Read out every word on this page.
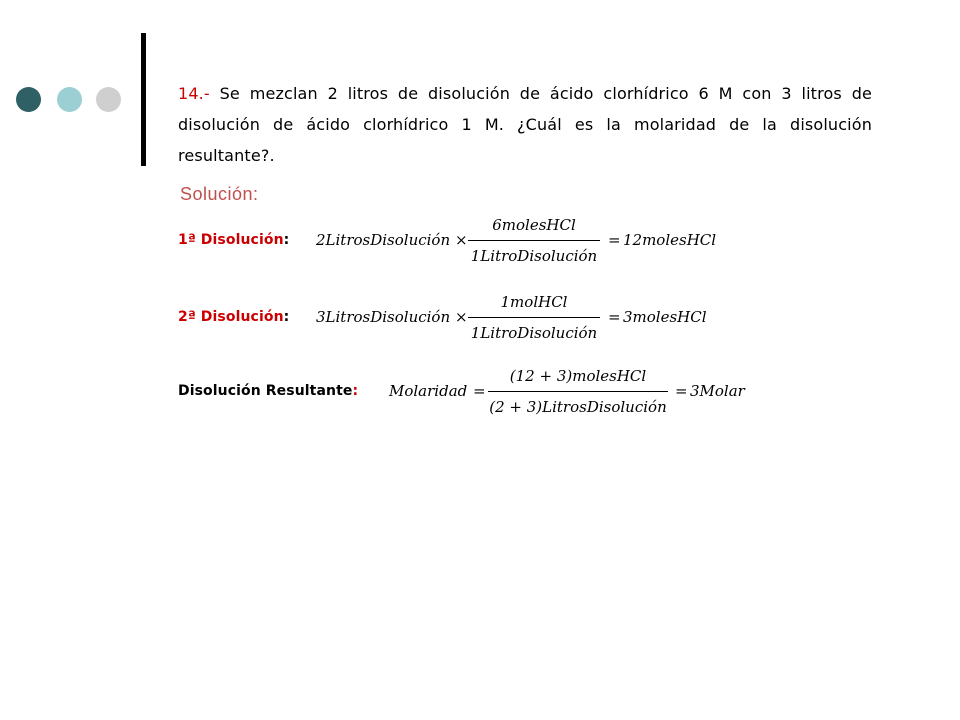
14.- Se mezclan 2 litros de disolución de ácido clorhídrico 6 M con 3 litros de disolución de ácido clorhídrico 1 M. ¿Cuál es la molaridad de la disolución resultante?.
Solución:
1ª Disolución: 2LitrosDisolución ×
6molesHCl
1LitroDisolución
= 12molesHCl
2ª Disolución: 3LitrosDisolución ×
1molHCl
1LitroDisolución
= 3molesHCl
Disolución Resultante: Molaridad =
(12 + 3)molesHCl
(2 + 3)LitrosDisolución
= 3Molar
